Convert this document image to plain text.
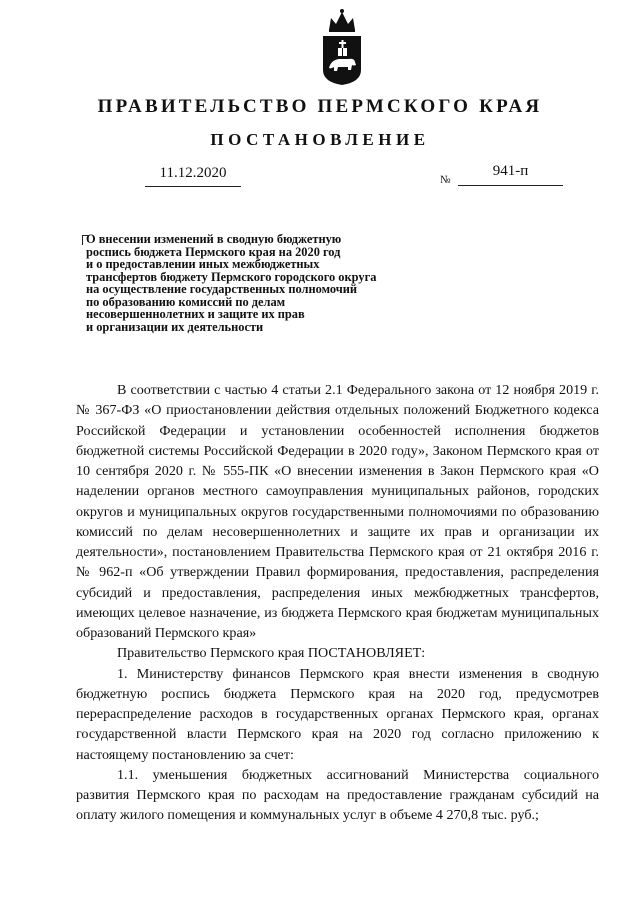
ПРАВИТЕЛЬСТВО ПЕРМСКОГО КРАЯ
ПОСТАНОВЛЕНИЕ
11.12.2020	№
941-п
О внесении изменений в сводную бюджетную
роспись бюджета Пермского края на 2020 год
и о предоставлении иных межбюджетных
трансфертов бюджету Пермского городского округа
на осуществление государственных полномочий
по образованию комиссий по делам
несовершеннолетних и защите их прав
и организации их деятельности

В соответствии с частью 4 статьи 2.1 Федерального закона от 12 ноября 2019 г. № 367-ФЗ «О приостановлении действия отдельных положений Бюджетного кодекса Российской Федерации и установлении особенностей исполнения бюджетов бюджетной системы Российской Федерации в 2020 году», Законом Пермского края от 10 сентября 2020 г. № 555-ПК «О внесении изменения в Закон Пермского края «О наделении органов местного самоуправления муниципальных районов, городских округов и муниципальных округов государственными полномочиями по образованию комиссий по делам несовершеннолетних и защите их прав и организации их деятельности», постановлением Правительства Пермского края от 21 октября 2016 г. № 962-п «Об утверждении Правил формирования, предоставления, распределения субсидий и предоставления, распределения иных межбюджетных трансфертов, имеющих целевое назначение, из бюджета Пермского края бюджетам муниципальных образований Пермского края»

Правительство Пермского края ПОСТАНОВЛЯЕТ:

1. Министерству финансов Пермского края внести изменения в сводную бюджетную роспись бюджета Пермского края на 2020 год, предусмотрев перераспределение расходов в государственных органах Пермского края, органах государственной власти Пермского края на 2020 год согласно приложению к настоящему постановлению за счет:

1.1. уменьшения бюджетных ассигнований Министерства социального развития Пермского края по расходам на предоставление гражданам субсидий на оплату жилого помещения и коммунальных услуг в объеме 4 270,8 тыс. руб.;
